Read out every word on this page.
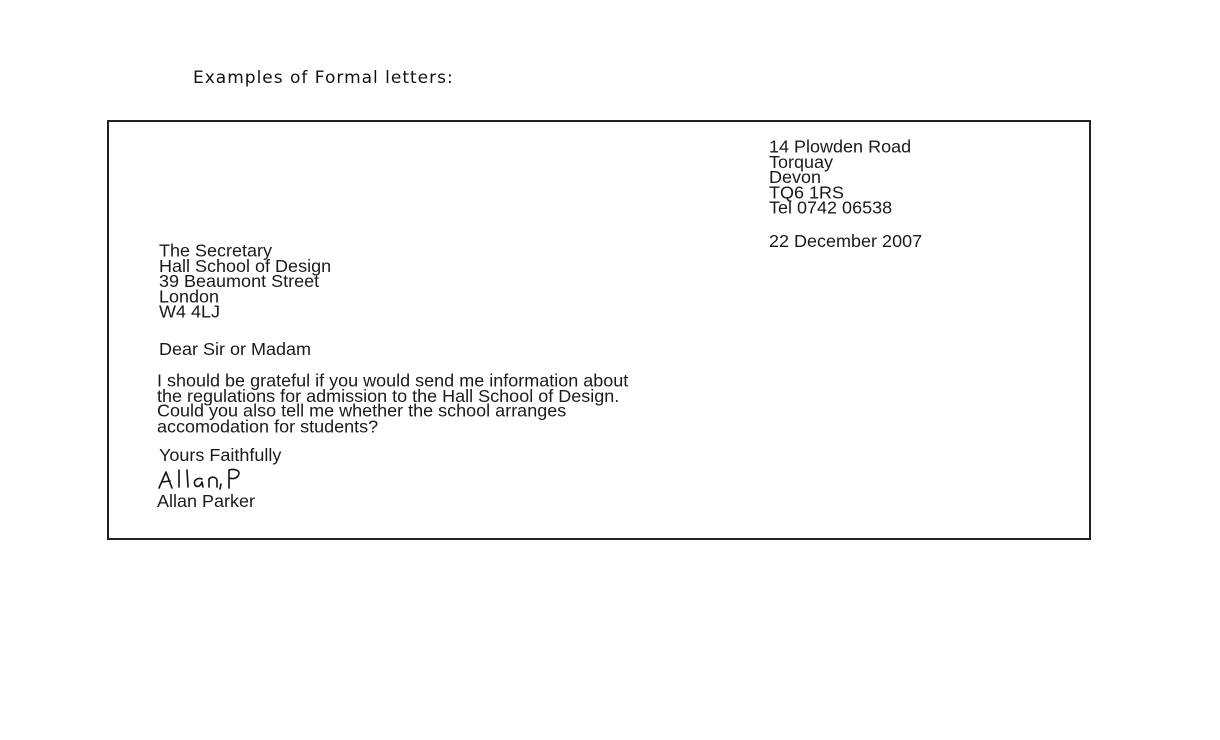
Examples of Formal letters:
14 Plowden Road
Torquay
Devon
TQ6 1RS
Tel 0742 06538
22 December 2007
The Secretary
Hall School of Design
39 Beaumont Street
London
W4 4LJ
Dear Sir or Madam
I should be grateful if you would send me information about
the regulations for admission to the Hall School of Design.
Could you also tell me whether the school arranges
accomodation for students?
Yours Faithfully
Allan Parker
